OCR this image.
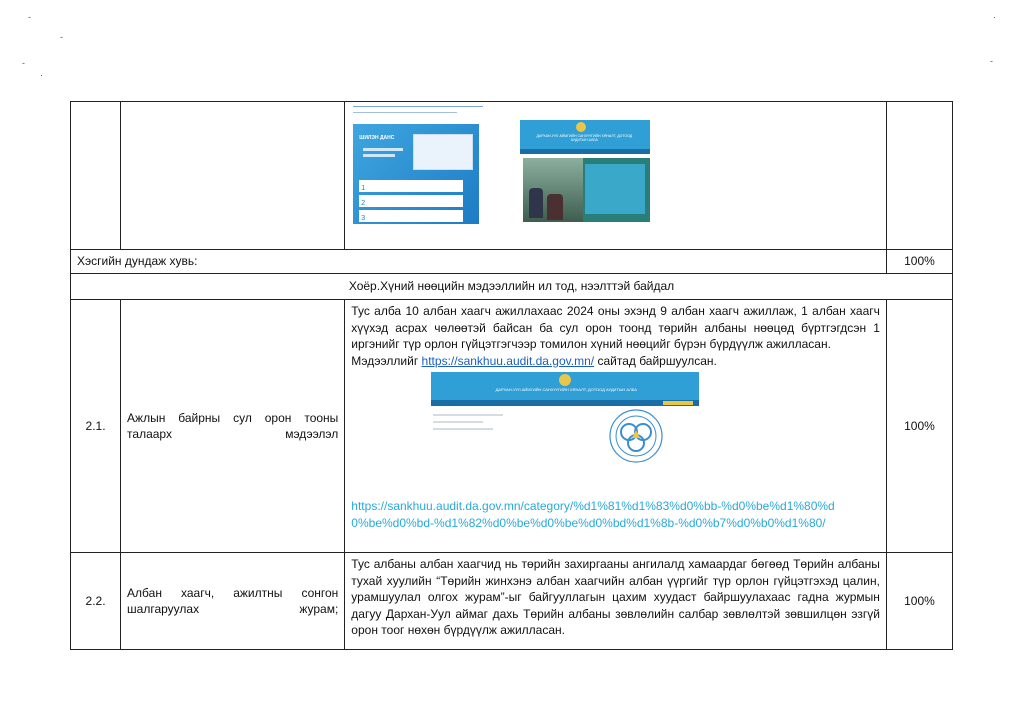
-
-
·
-
·
-

		ШИЛЭН ДАНС
1
2
3
ДАРХАН-УУЛ АЙМГИЙН САНХҮҮГИЙН ХЯНАЛТ, ДОТООД АУДИТЫН АЛБА	

Хэсгийн дундаж хувь:			100%
Хоёр.Хүний нөөцийн мэдээллийн ил тод, нээлттэй байдал			
2.1.	Ажлын байрны сул орон тооны талаарх мэдээлэл	Тус алба 10 албан хаагч ажиллахаас 2024 оны эхэнд 9 албан хаагч ажиллаж, 1 албан хаагч хүүхэд асрах чөлөөтэй байсан ба сул орон тоонд төрийн албаны нөөцөд бүртгэгдсэн 1 иргэнийг түр орлон гүйцэтгэгчээр томилон хүний нөөцийг бүрэн бүрдүүлж ажилласан.
Мэдээллийг https://sankhuu.audit.da.gov.mn/ сайтад байршуулсан.
ДАРХАН-УУЛ АЙМГИЙН САНХҮҮГИЙН ХЯНАЛТ, ДОТООД АУДИТЫН АЛБА
https://sankhuu.audit.da.gov.mn/category/%d1%81%d1%83%d0%bb-%d0%be%d1%80%d0%be%d0%bd-%d1%82%d0%be%d0%be%d0%bd%d1%8b-%d0%b7%d0%b0%d1%80/	100%
2.2.	Албан хаагч, ажилтны сонгон шалгаруулах журам;	Тус албаны албан хаагчид нь төрийн захиргааны ангилалд хамаардаг бөгөөд Төрийн албаны тухай хуулийн “Төрийн жинхэнэ албан хаагчийн албан үүргийг түр орлон гүйцэтгэхэд цалин, урамшуулал олгох журам”-ыг байгууллагын цахим хуудаст байршуулахаас гадна журмын дагуу Дархан-Уул аймаг дахь Төрийн албаны зөвлөлийн салбар зөвлөлтэй зөвшилцөн эзгүй орон тоог нөхөн бүрдүүлж ажилласан.	100%
